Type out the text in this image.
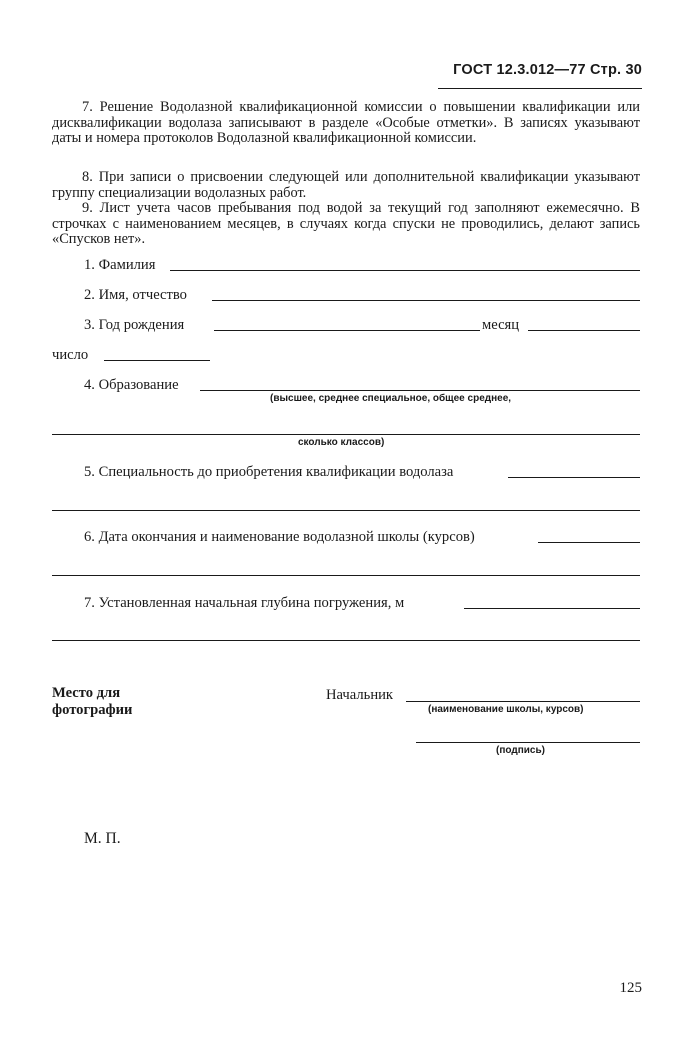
ГОСТ 12.3.012—77 Стр. 30
7. Решение Водолазной квалификационной комиссии о повышении квалификации или дисквалификации водолаза записывают в разделе «Особые отметки». В записях указывают даты и номера протоколов Водолазной квалификационной комиссии.
8. При записи о присвоении следующей или дополнительной квалификации указывают группу специализации водолазных работ.
9. Лист учета часов пребывания под водой за текущий год заполняют ежемесячно. В строчках с наименованием месяцев, в случаях когда спуски не проводились, делают запись «Спусков нет».
1. Фамилия
2. Имя, отчество
3. Год рождения	месяц
число
4. Образование
(высшее, среднее специальное, общее среднее,
сколько классов)
5. Специальность до приобретения квалификации водолаза
6. Дата окончания и наименование водолазной школы (курсов)
7. Установленная начальная глубина погружения, м
Место для
фотографии
Начальник
(наименование школы, курсов)
(подпись)
М. П.
125
